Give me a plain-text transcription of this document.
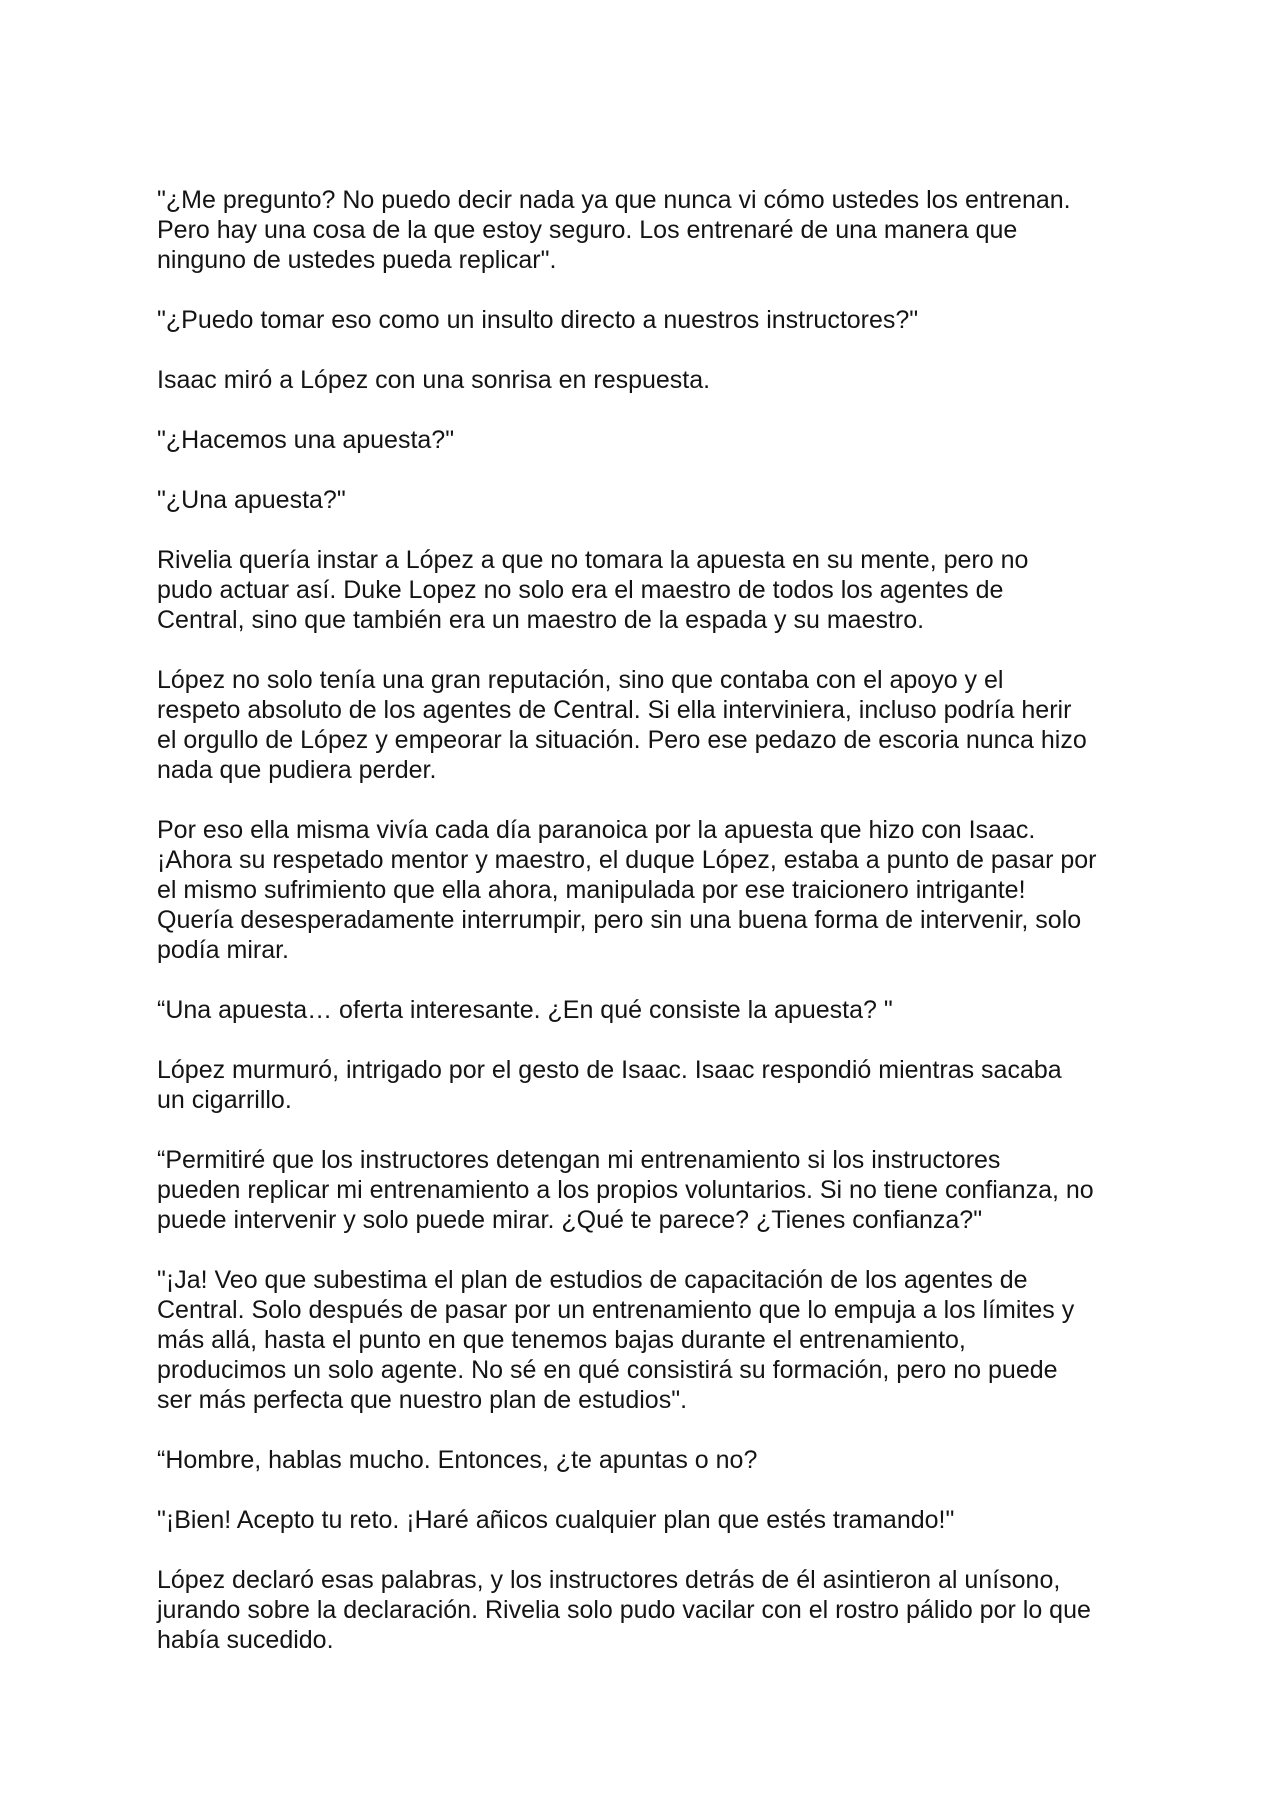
"¿Me pregunto? No puedo decir nada ya que nunca vi cómo ustedes los entrenan.
Pero hay una cosa de la que estoy seguro. Los entrenaré de una manera que
ninguno de ustedes pueda replicar".

"¿Puedo tomar eso como un insulto directo a nuestros instructores?"

Isaac miró a López con una sonrisa en respuesta.

"¿Hacemos una apuesta?"

"¿Una apuesta?"

Rivelia quería instar a López a que no tomara la apuesta en su mente, pero no
pudo actuar así. Duke Lopez no solo era el maestro de todos los agentes de
Central, sino que también era un maestro de la espada y su maestro.

López no solo tenía una gran reputación, sino que contaba con el apoyo y el
respeto absoluto de los agentes de Central. Si ella interviniera, incluso podría herir
el orgullo de López y empeorar la situación. Pero ese pedazo de escoria nunca hizo
nada que pudiera perder.

Por eso ella misma vivía cada día paranoica por la apuesta que hizo con Isaac.
¡Ahora su respetado mentor y maestro, el duque López, estaba a punto de pasar por
el mismo sufrimiento que ella ahora, manipulada por ese traicionero intrigante!
Quería desesperadamente interrumpir, pero sin una buena forma de intervenir, solo
podía mirar.

“Una apuesta… oferta interesante. ¿En qué consiste la apuesta? "

López murmuró, intrigado por el gesto de Isaac. Isaac respondió mientras sacaba
un cigarrillo.

“Permitiré que los instructores detengan mi entrenamiento si los instructores
pueden replicar mi entrenamiento a los propios voluntarios. Si no tiene confianza, no
puede intervenir y solo puede mirar. ¿Qué te parece? ¿Tienes confianza?"

"¡Ja! Veo que subestima el plan de estudios de capacitación de los agentes de
Central. Solo después de pasar por un entrenamiento que lo empuja a los límites y
más allá, hasta el punto en que tenemos bajas durante el entrenamiento,
producimos un solo agente. No sé en qué consistirá su formación, pero no puede
ser más perfecta que nuestro plan de estudios".

“Hombre, hablas mucho. Entonces, ¿te apuntas o no?

"¡Bien! Acepto tu reto. ¡Haré añicos cualquier plan que estés tramando!"

López declaró esas palabras, y los instructores detrás de él asintieron al unísono,
jurando sobre la declaración. Rivelia solo pudo vacilar con el rostro pálido por lo que
había sucedido.
